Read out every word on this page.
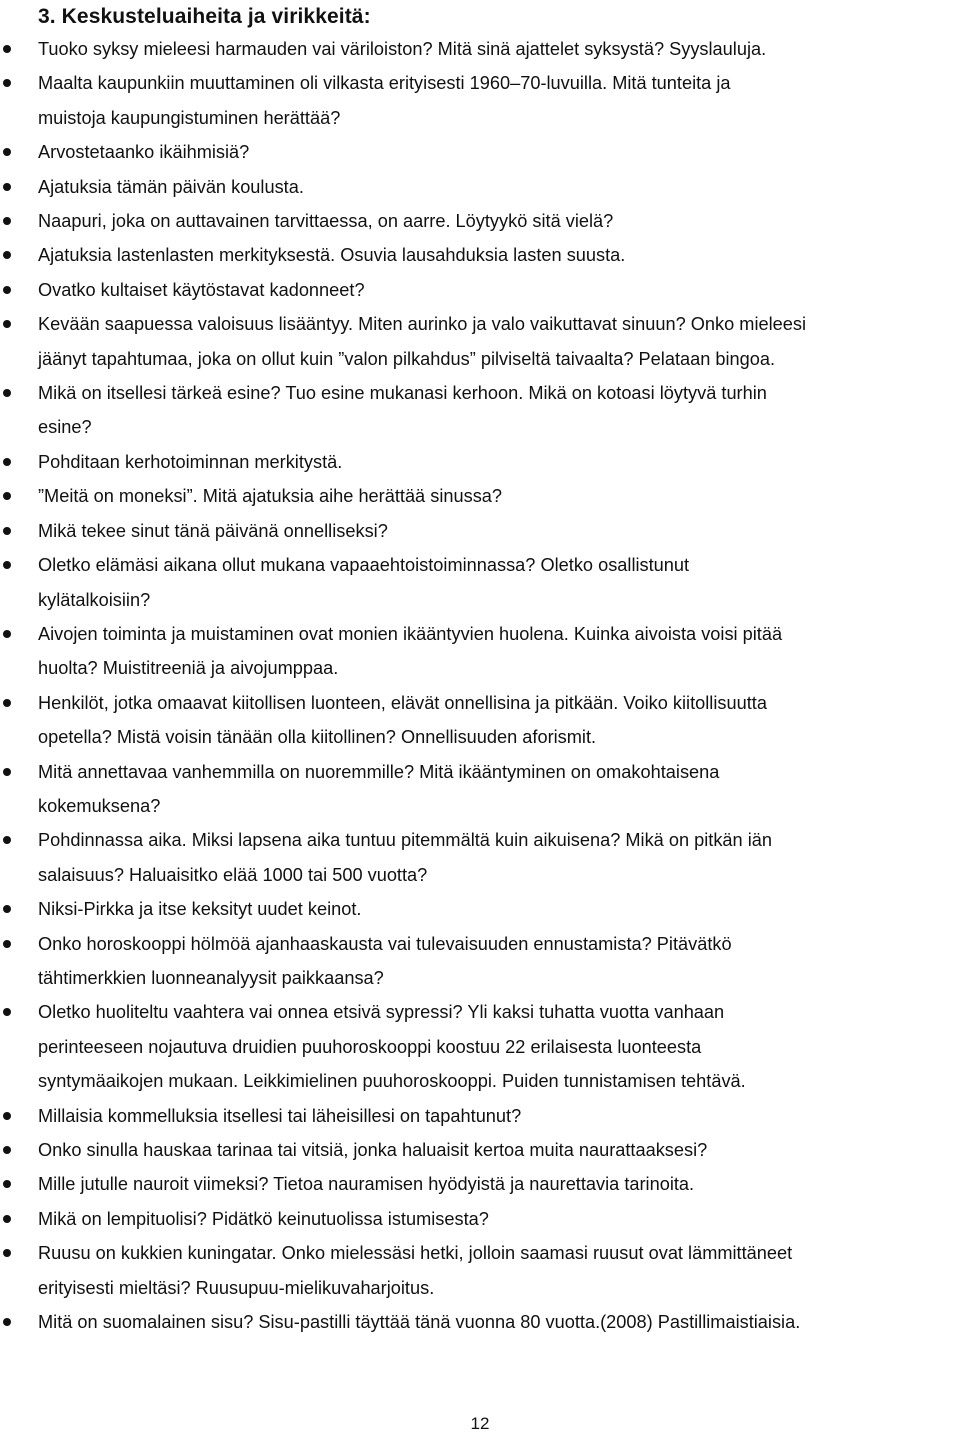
3. Keskusteluaiheita ja virikkeitä:
Tuoko syksy mieleesi harmauden vai väriloiston? Mitä sinä ajattelet syksystä? Syyslauluja.
Maalta kaupunkiin muuttaminen oli vilkasta erityisesti 1960–70-luvuilla. Mitä tunteita ja
muistoja kaupungistuminen herättää?
Arvostetaanko ikäihmisiä?
Ajatuksia tämän päivän koulusta.
Naapuri, joka on auttavainen tarvittaessa, on aarre. Löytyykö sitä vielä?
Ajatuksia lastenlasten merkityksestä. Osuvia lausahduksia lasten suusta.
Ovatko kultaiset käytöstavat kadonneet?
Kevään saapuessa valoisuus lisääntyy. Miten aurinko ja valo vaikuttavat sinuun? Onko mieleesi
jäänyt tapahtumaa, joka on ollut kuin ”valon pilkahdus” pilviseltä taivaalta? Pelataan bingoa.
Mikä on itsellesi tärkeä esine? Tuo esine mukanasi kerhoon. Mikä on kotoasi löytyvä turhin
esine?
Pohditaan kerhotoiminnan merkitystä.
”Meitä on moneksi”. Mitä ajatuksia aihe herättää sinussa?
Mikä tekee sinut tänä päivänä onnelliseksi?
Oletko elämäsi aikana ollut mukana vapaaehtoistoiminnassa? Oletko osallistunut
kylätalkoisiin?
Aivojen toiminta ja muistaminen ovat monien ikääntyvien huolena. Kuinka aivoista voisi pitää
huolta? Muistitreeniä ja aivojumppaa.
Henkilöt, jotka omaavat kiitollisen luonteen, elävät onnellisina ja pitkään. Voiko kiitollisuutta
opetella? Mistä voisin tänään olla kiitollinen? Onnellisuuden aforismit.
Mitä annettavaa vanhemmilla on nuoremmille? Mitä ikääntyminen on omakohtaisena
kokemuksena?
Pohdinnassa aika. Miksi lapsena aika tuntuu pitemmältä kuin aikuisena? Mikä on pitkän iän
salaisuus? Haluaisitko elää 1000 tai 500 vuotta?
Niksi-Pirkka ja itse keksityt uudet keinot.
Onko horoskooppi hölmöä ajanhaaskausta vai tulevaisuuden ennustamista? Pitävätkö
tähtimerkkien luonneanalyysit paikkaansa?
Oletko huoliteltu vaahtera vai onnea etsivä sypressi? Yli kaksi tuhatta vuotta vanhaan
perinteeseen nojautuva druidien puuhoroskooppi koostuu 22 erilaisesta luonteesta
syntymäaikojen mukaan. Leikkimielinen puuhoroskooppi. Puiden tunnistamisen tehtävä.
Millaisia kommelluksia itsellesi tai läheisillesi on tapahtunut?
Onko sinulla hauskaa tarinaa tai vitsiä, jonka haluaisit kertoa muita naurattaaksesi?
Mille jutulle nauroit viimeksi? Tietoa nauramisen hyödyistä ja naurettavia tarinoita.
Mikä on lempituolisi? Pidätkö keinutuolissa istumisesta?
Ruusu on kukkien kuningatar. Onko mielessäsi hetki, jolloin saamasi ruusut ovat lämmittäneet
erityisesti mieltäsi? Ruusupuu-mielikuvaharjoitus.
Mitä on suomalainen sisu? Sisu-pastilli täyttää tänä vuonna 80 vuotta.(2008) Pastillimaistiaisia.
12
